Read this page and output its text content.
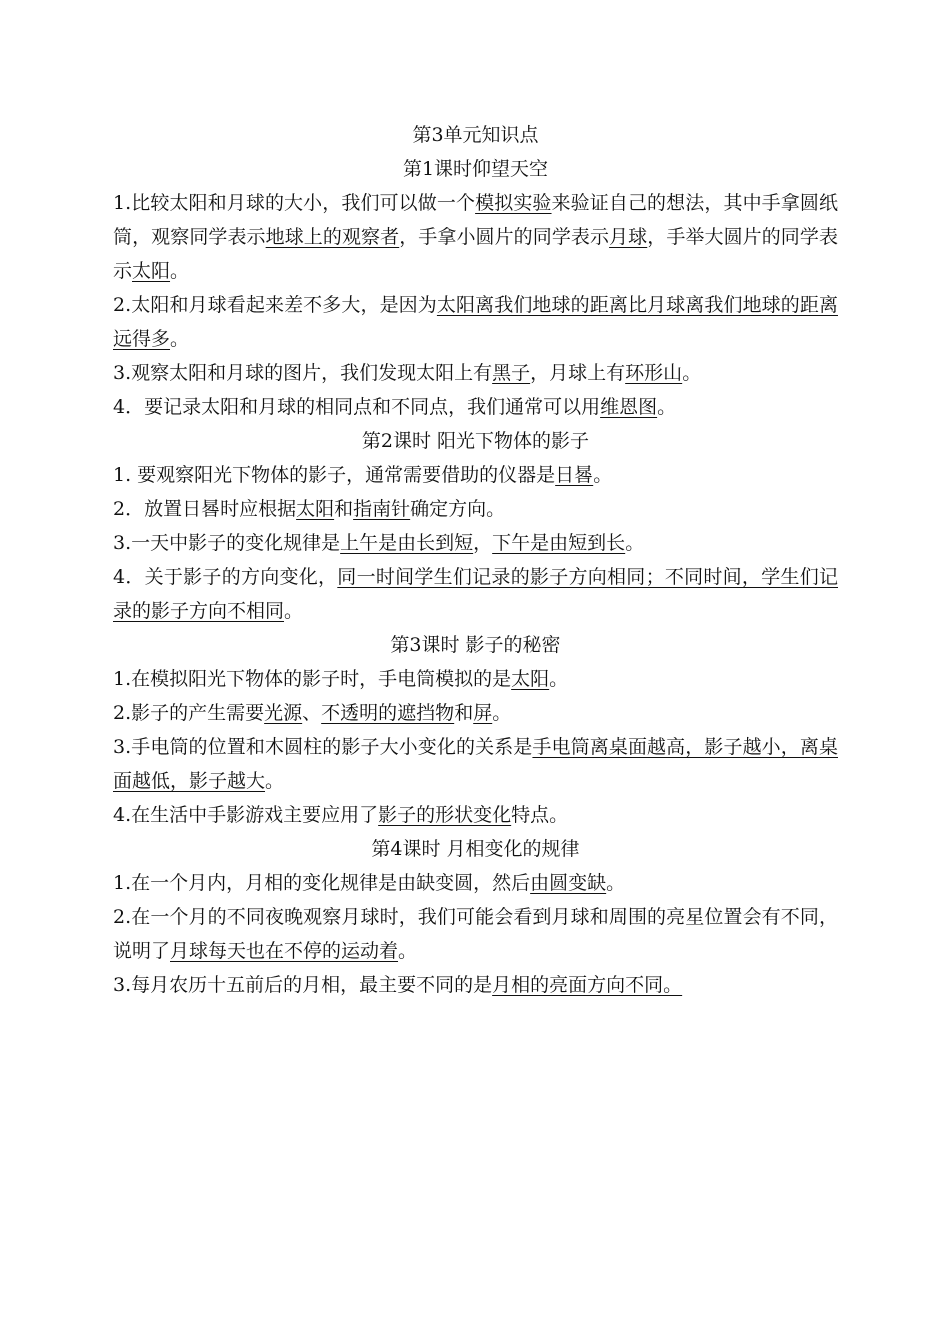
第3单元知识点
第1课时仰望天空

1.比较太阳和月球的大小，我们可以做一个模拟实验来验证自己的想法，其中手拿圆纸筒，观察同学表示地球上的观察者，手拿小圆片的同学表示月球，手举大圆片的同学表示太阳。

2.太阳和月球看起来差不多大，是因为太阳离我们地球的距离比月球离我们地球的距离远得多。

3.观察太阳和月球的图片，我们发现太阳上有黑子，月球上有环形山。

4．要记录太阳和月球的相同点和不同点，我们通常可以用维恩图。

第2课时 阳光下物体的影子

1. 要观察阳光下物体的影子，通常需要借助的仪器是日晷。

2．放置日晷时应根据太阳和指南针确定方向。

3.一天中影子的变化规律是上午是由长到短，下午是由短到长。

4．关于影子的方向变化，同一时间学生们记录的影子方向相同；不同时间，学生们记录的影子方向不相同。

第3课时 影子的秘密

1.在模拟阳光下物体的影子时，手电筒模拟的是太阳。

2.影子的产生需要光源、不透明的遮挡物和屏。

3.手电筒的位置和木圆柱的影子大小变化的关系是手电筒离桌面越高，影子越小，离桌面越低，影子越大。

4.在生活中手影游戏主要应用了影子的形状变化特点。

第4课时 月相变化的规律

1.在一个月内，月相的变化规律是由缺变圆，然后由圆变缺。

2.在一个月的不同夜晚观察月球时，我们可能会看到月球和周围的亮星位置会有不同，说明了月球每天也在不停的运动着。

3.每月农历十五前后的月相，最主要不同的是月相的亮面方向不同。
